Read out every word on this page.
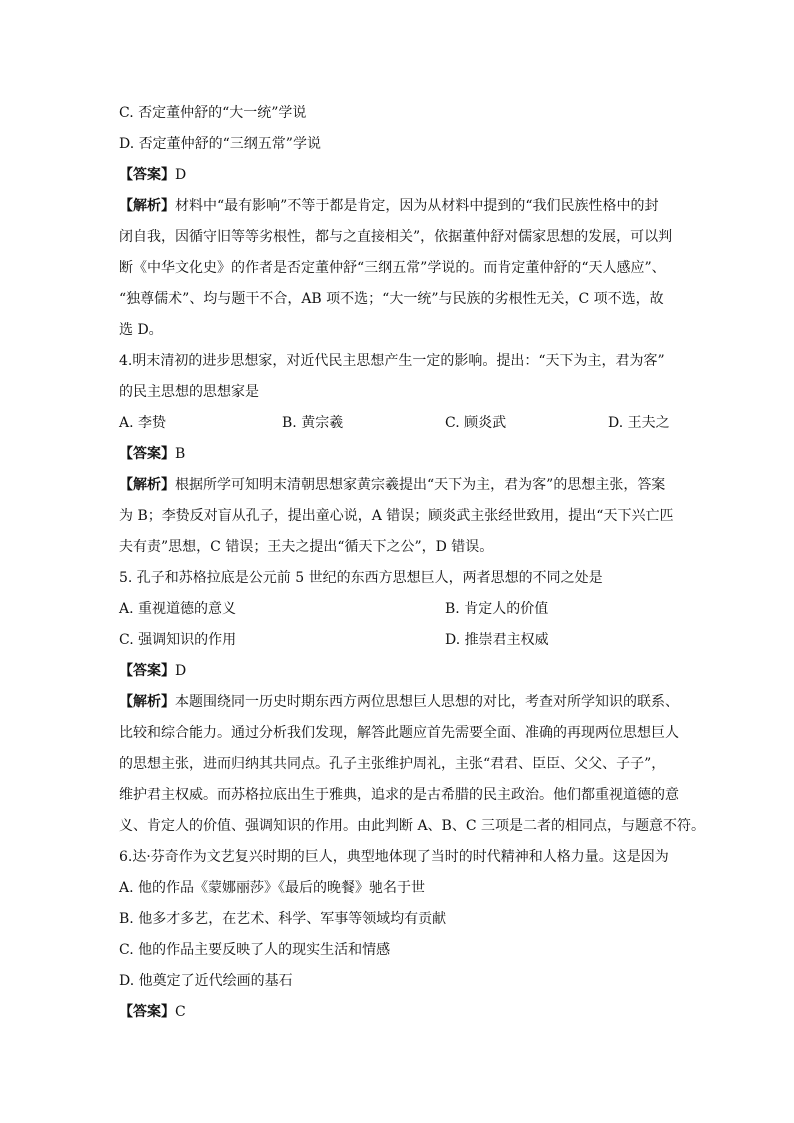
C. 否定董仲舒的“大一统”学说
D. 否定董仲舒的“三纲五常”学说
【答案】D
【解析】材料中“最有影响”不等于都是肯定，因为从材料中提到的“我们民族性格中的封
闭自我，因循守旧等等劣根性，都与之直接相关”，依据董仲舒对儒家思想的发展，可以判
断《中华文化史》的作者是否定董仲舒“三纲五常”学说的。而肯定董仲舒的“天人感应”、
“独尊儒术”、均与题干不合，AB 项不选；“大一统”与民族的劣根性无关，C 项不选，故
选 D。
4.明末清初的进步思想家，对近代民主思想产生一定的影响。提出：“天下为主，君为客”
的民主思想的思想家是
A. 李贽	B. 黄宗羲	C. 顾炎武	D. 王夫之
【答案】B
【解析】根据所学可知明末清朝思想家黄宗羲提出“天下为主，君为客”的思想主张，答案
为 B；李贽反对盲从孔子，提出童心说，A 错误；顾炎武主张经世致用，提出“天下兴亡匹
夫有责”思想，C 错误；王夫之提出“循天下之公”，D 错误。
5. 孔子和苏格拉底是公元前 5 世纪的东西方思想巨人，两者思想的不同之处是
A. 重视道德的意义	B. 肯定人的价值
C. 强调知识的作用	D. 推崇君主权威
【答案】D
【解析】本题围绕同一历史时期东西方两位思想巨人思想的对比，考查对所学知识的联系、
比较和综合能力。通过分析我们发现，解答此题应首先需要全面、准确的再现两位思想巨人
的思想主张，进而归纳其共同点。孔子主张维护周礼，主张“君君、臣臣、父父、子子”，
维护君主权威。而苏格拉底出生于雅典，追求的是古希腊的民主政治。他们都重视道德的意
义、肯定人的价值、强调知识的作用。由此判断 A、B、C 三项是二者的相同点，与题意不符。
6.达·芬奇作为文艺复兴时期的巨人，典型地体现了当时的时代精神和人格力量。这是因为
A. 他的作品《蒙娜丽莎》《最后的晚餐》驰名于世
B. 他多才多艺，在艺术、科学、军事等领域均有贡献
C. 他的作品主要反映了人的现实生活和情感
D. 他奠定了近代绘画的基石
【答案】C
